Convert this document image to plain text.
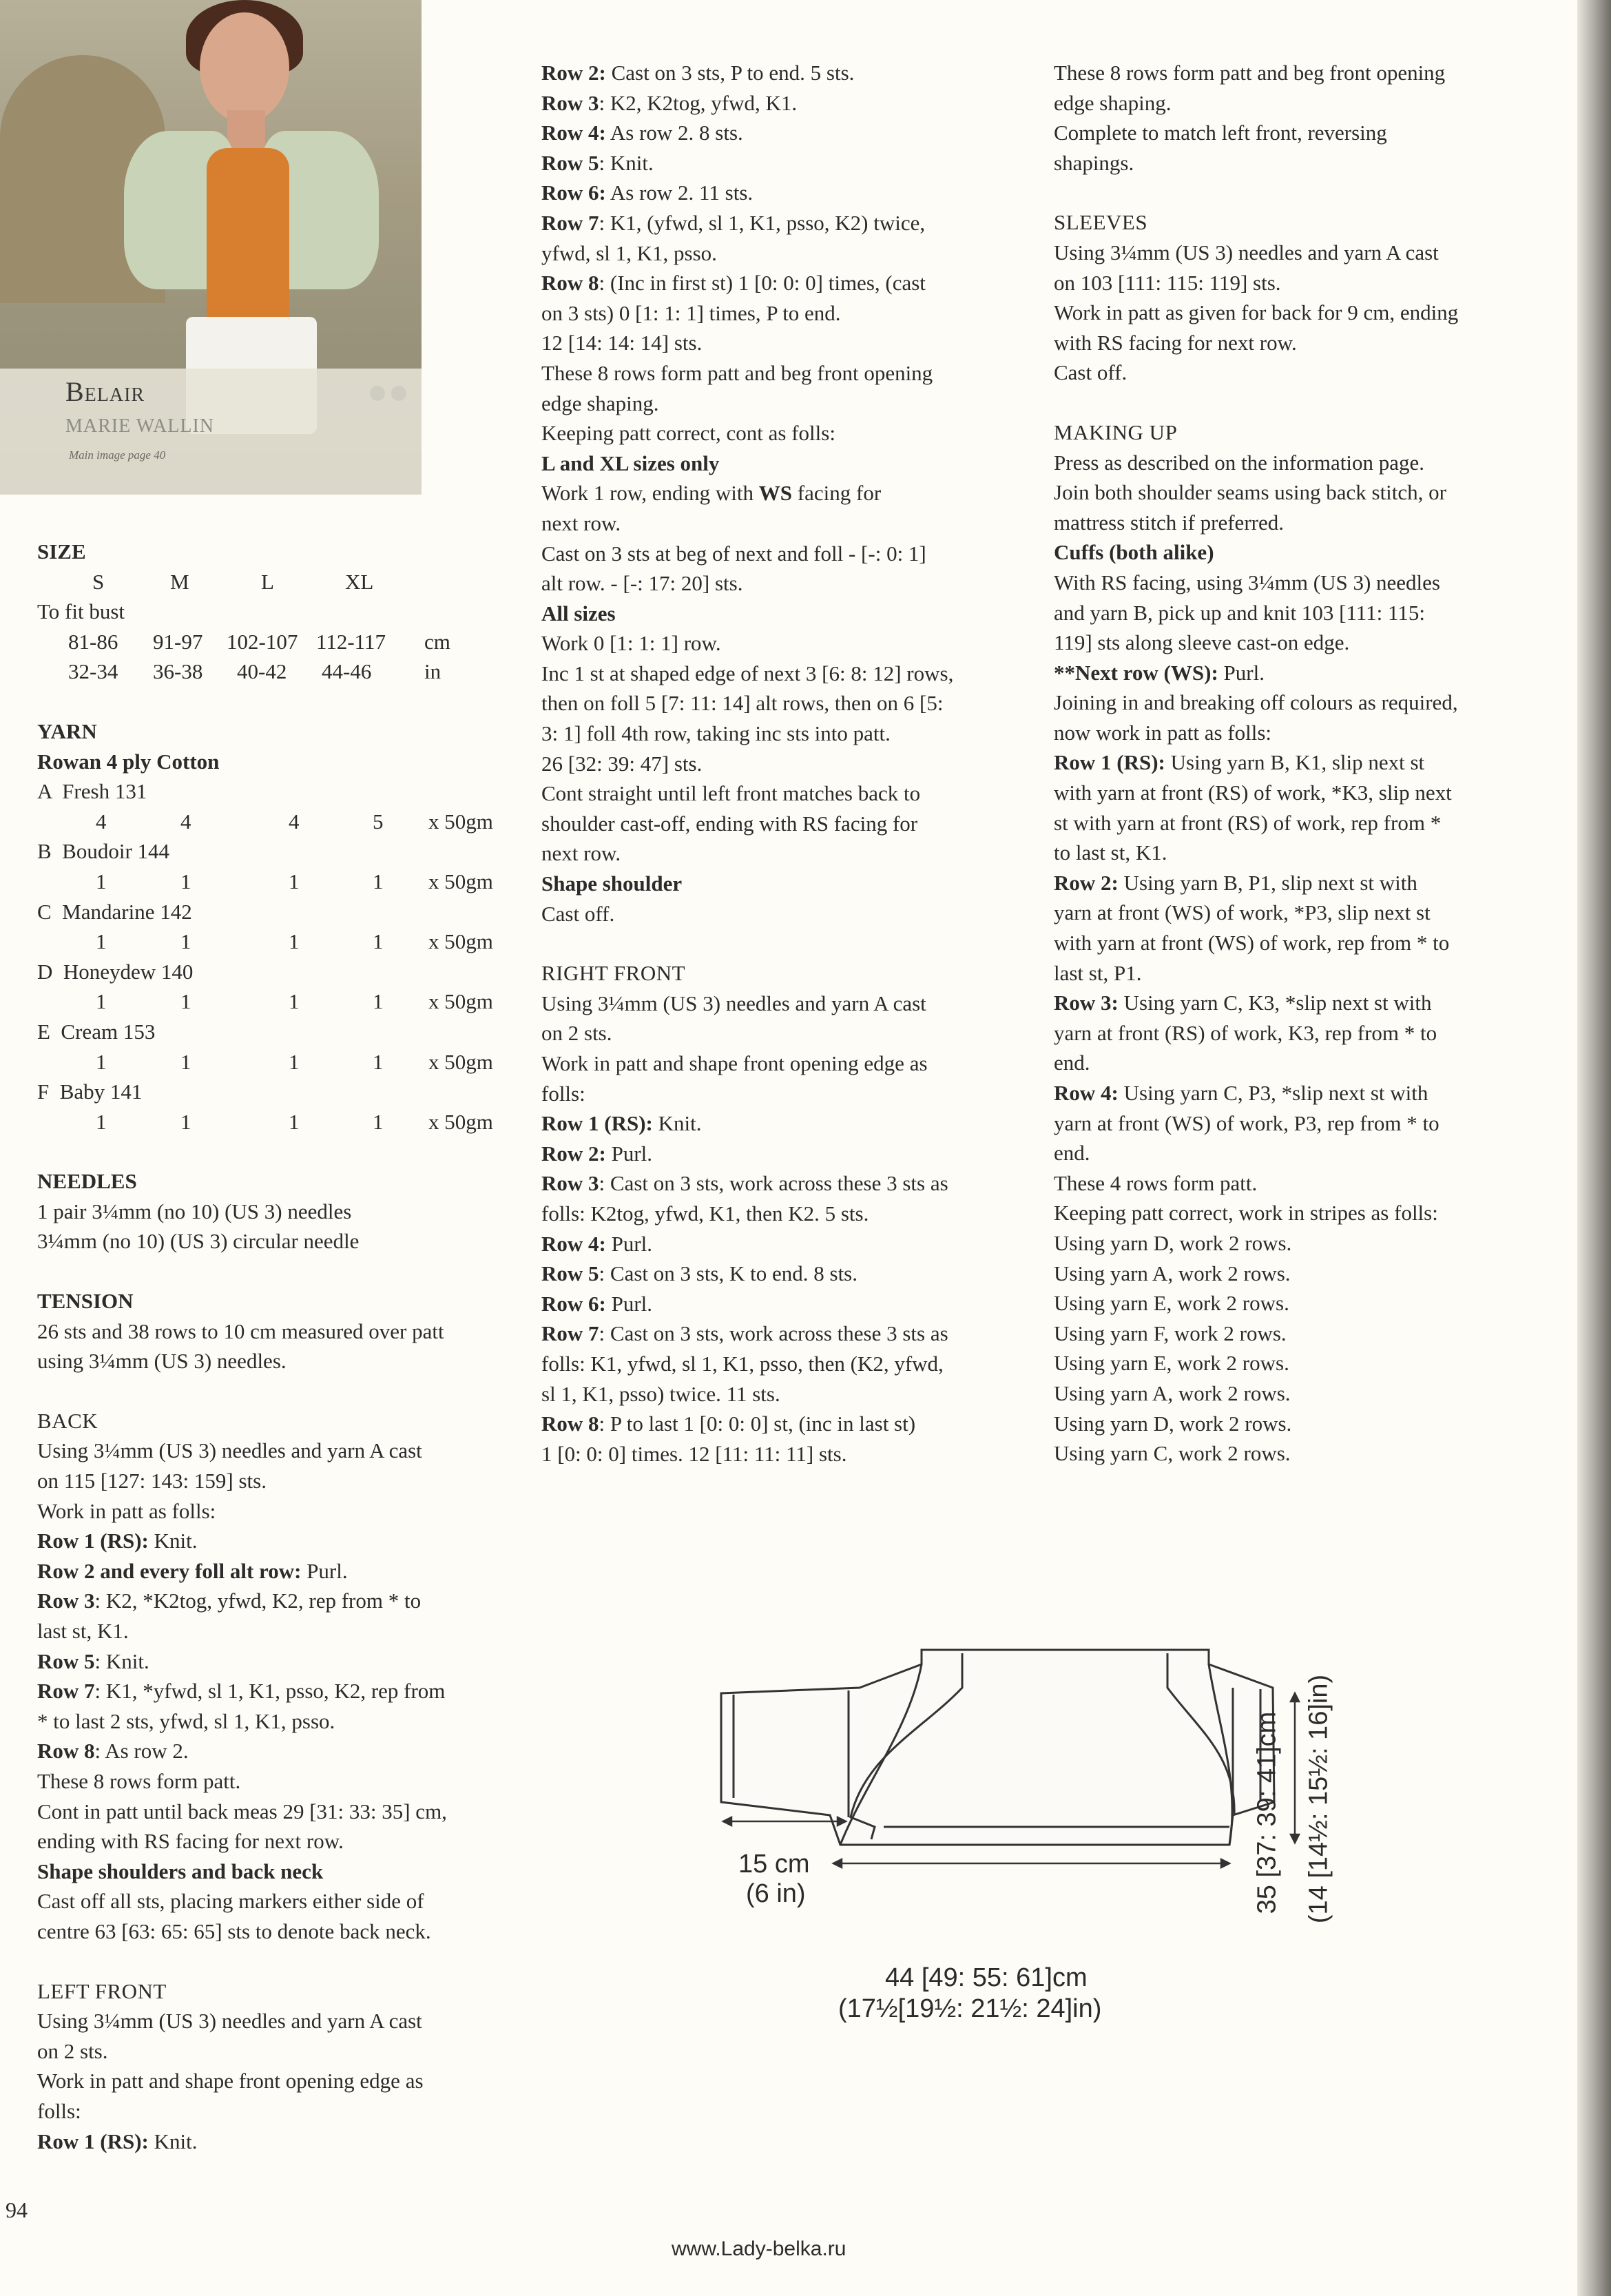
Belair
MARIE WALLIN
Main image page 40

SIZE

S	M	L	XL

To fit bust

81-86 91-97 102-107 112-117 cm
32-34 36-38 40-42 44-46 in

YARN

Rowan 4 ply Cotton

A  Fresh 131

4	4	4	5 x 50gm

B  Boudoir 144

1	1	1	1 x 50gm

C  Mandarine 142

1	1	1	1 x 50gm

D  Honeydew 140

1	1	1	1 x 50gm

E  Cream 153

1	1	1	1 x 50gm

F  Baby 141

1	1	1	1 x 50gm

NEEDLES

1 pair 3¼mm (no 10) (US 3) needles

3¼mm (no 10) (US 3) circular needle

TENSION

26 sts and 38 rows to 10 cm measured over patt

using 3¼mm (US 3) needles.

BACK

Using 3¼mm (US 3) needles and yarn A cast

on 115 [127: 143: 159] sts.

Work in patt as folls:

Row 1 (RS): Knit.

Row 2 and every foll alt row: Purl.

Row 3: K2, *K2tog, yfwd, K2, rep from * to

last st, K1.

Row 5: Knit.

Row 7: K1, *yfwd, sl 1, K1, psso, K2, rep from

* to last 2 sts, yfwd, sl 1, K1, psso.

Row 8: As row 2.

These 8 rows form patt.

Cont in patt until back meas 29 [31: 33: 35] cm,

ending with RS facing for next row.

Shape shoulders and back neck

Cast off all sts, placing markers either side of

centre 63 [63: 65: 65] sts to denote back neck.

LEFT FRONT

Using 3¼mm (US 3) needles and yarn A cast

on 2 sts.

Work in patt and shape front opening edge as

folls:

Row 1 (RS): Knit.

Row 2: Cast on 3 sts, P to end. 5 sts.

Row 3: K2, K2tog, yfwd, K1.

Row 4: As row 2. 8 sts.

Row 5: Knit.

Row 6: As row 2. 11 sts.

Row 7: K1, (yfwd, sl 1, K1, psso, K2) twice,

yfwd, sl 1, K1, psso.

Row 8: (Inc in first st) 1 [0: 0: 0] times, (cast

on 3 sts) 0 [1: 1: 1] times, P to end.

12 [14: 14: 14] sts.

These 8 rows form patt and beg front opening

edge shaping.

Keeping patt correct, cont as folls:

L and XL sizes only

Work 1 row, ending with WS facing for

next row.

Cast on 3 sts at beg of next and foll - [-: 0: 1]

alt row. - [-: 17: 20] sts.

All sizes

Work 0 [1: 1: 1] row.

Inc 1 st at shaped edge of next 3 [6: 8: 12] rows,

then on foll 5 [7: 11: 14] alt rows, then on 6 [5:

3: 1] foll 4th row, taking inc sts into patt.

26 [32: 39: 47] sts.

Cont straight until left front matches back to

shoulder cast-off, ending with RS facing for

next row.

Shape shoulder

Cast off.

RIGHT FRONT

Using 3¼mm (US 3) needles and yarn A cast

on 2 sts.

Work in patt and shape front opening edge as

folls:

Row 1 (RS): Knit.

Row 2: Purl.

Row 3: Cast on 3 sts, work across these 3 sts as

folls: K2tog, yfwd, K1, then K2. 5 sts.

Row 4: Purl.

Row 5: Cast on 3 sts, K to end. 8 sts.

Row 6: Purl.

Row 7: Cast on 3 sts, work across these 3 sts as

folls: K1, yfwd, sl 1, K1, psso, then (K2, yfwd,

sl 1, K1, psso) twice. 11 sts.

Row 8: P to last 1 [0: 0: 0] st, (inc in last st)

1 [0: 0: 0] times. 12 [11: 11: 11] sts.

These 8 rows form patt and beg front opening

edge shaping.

Complete to match left front, reversing

shapings.

SLEEVES

Using 3¼mm (US 3) needles and yarn A cast

on 103 [111: 115: 119] sts.

Work in patt as given for back for 9 cm, ending

with RS facing for next row.

Cast off.

MAKING UP

Press as described on the information page.

Join both shoulder seams using back stitch, or

mattress stitch if preferred.

Cuffs (both alike)

With RS facing, using 3¼mm (US 3) needles

and yarn B, pick up and knit 103 [111: 115:

119] sts along sleeve cast-on edge.

**Next row (WS): Purl.

Joining in and breaking off colours as required,

now work in patt as folls:

Row 1 (RS): Using yarn B, K1, slip next st

with yarn at front (RS) of work, *K3, slip next

st with yarn at front (RS) of work, rep from *

to last st, K1.

Row 2: Using yarn B, P1, slip next st with

yarn at front (WS) of work, *P3, slip next st

with yarn at front (WS) of work, rep from * to

last st, P1.

Row 3: Using yarn C, K3, *slip next st with

yarn at front (RS) of work, K3, rep from * to

end.

Row 4: Using yarn C, P3, *slip next st with

yarn at front (WS) of work, P3, rep from * to

end.

These 4 rows form patt.

Keeping patt correct, work in stripes as folls:

Using yarn D, work 2 rows.

Using yarn A, work 2 rows.

Using yarn E, work 2 rows.

Using yarn F, work 2 rows.

Using yarn E, work 2 rows.

Using yarn A, work 2 rows.

Using yarn D, work 2 rows.

Using yarn C, work 2 rows.

15 cm
(6 in)
44 [49: 55: 61]cm
(17½[19½: 21½: 24]in)
35 [37: 39: 41]cm (14 [14½: 15½: 16]in)
94
www.Lady-belka.ru
